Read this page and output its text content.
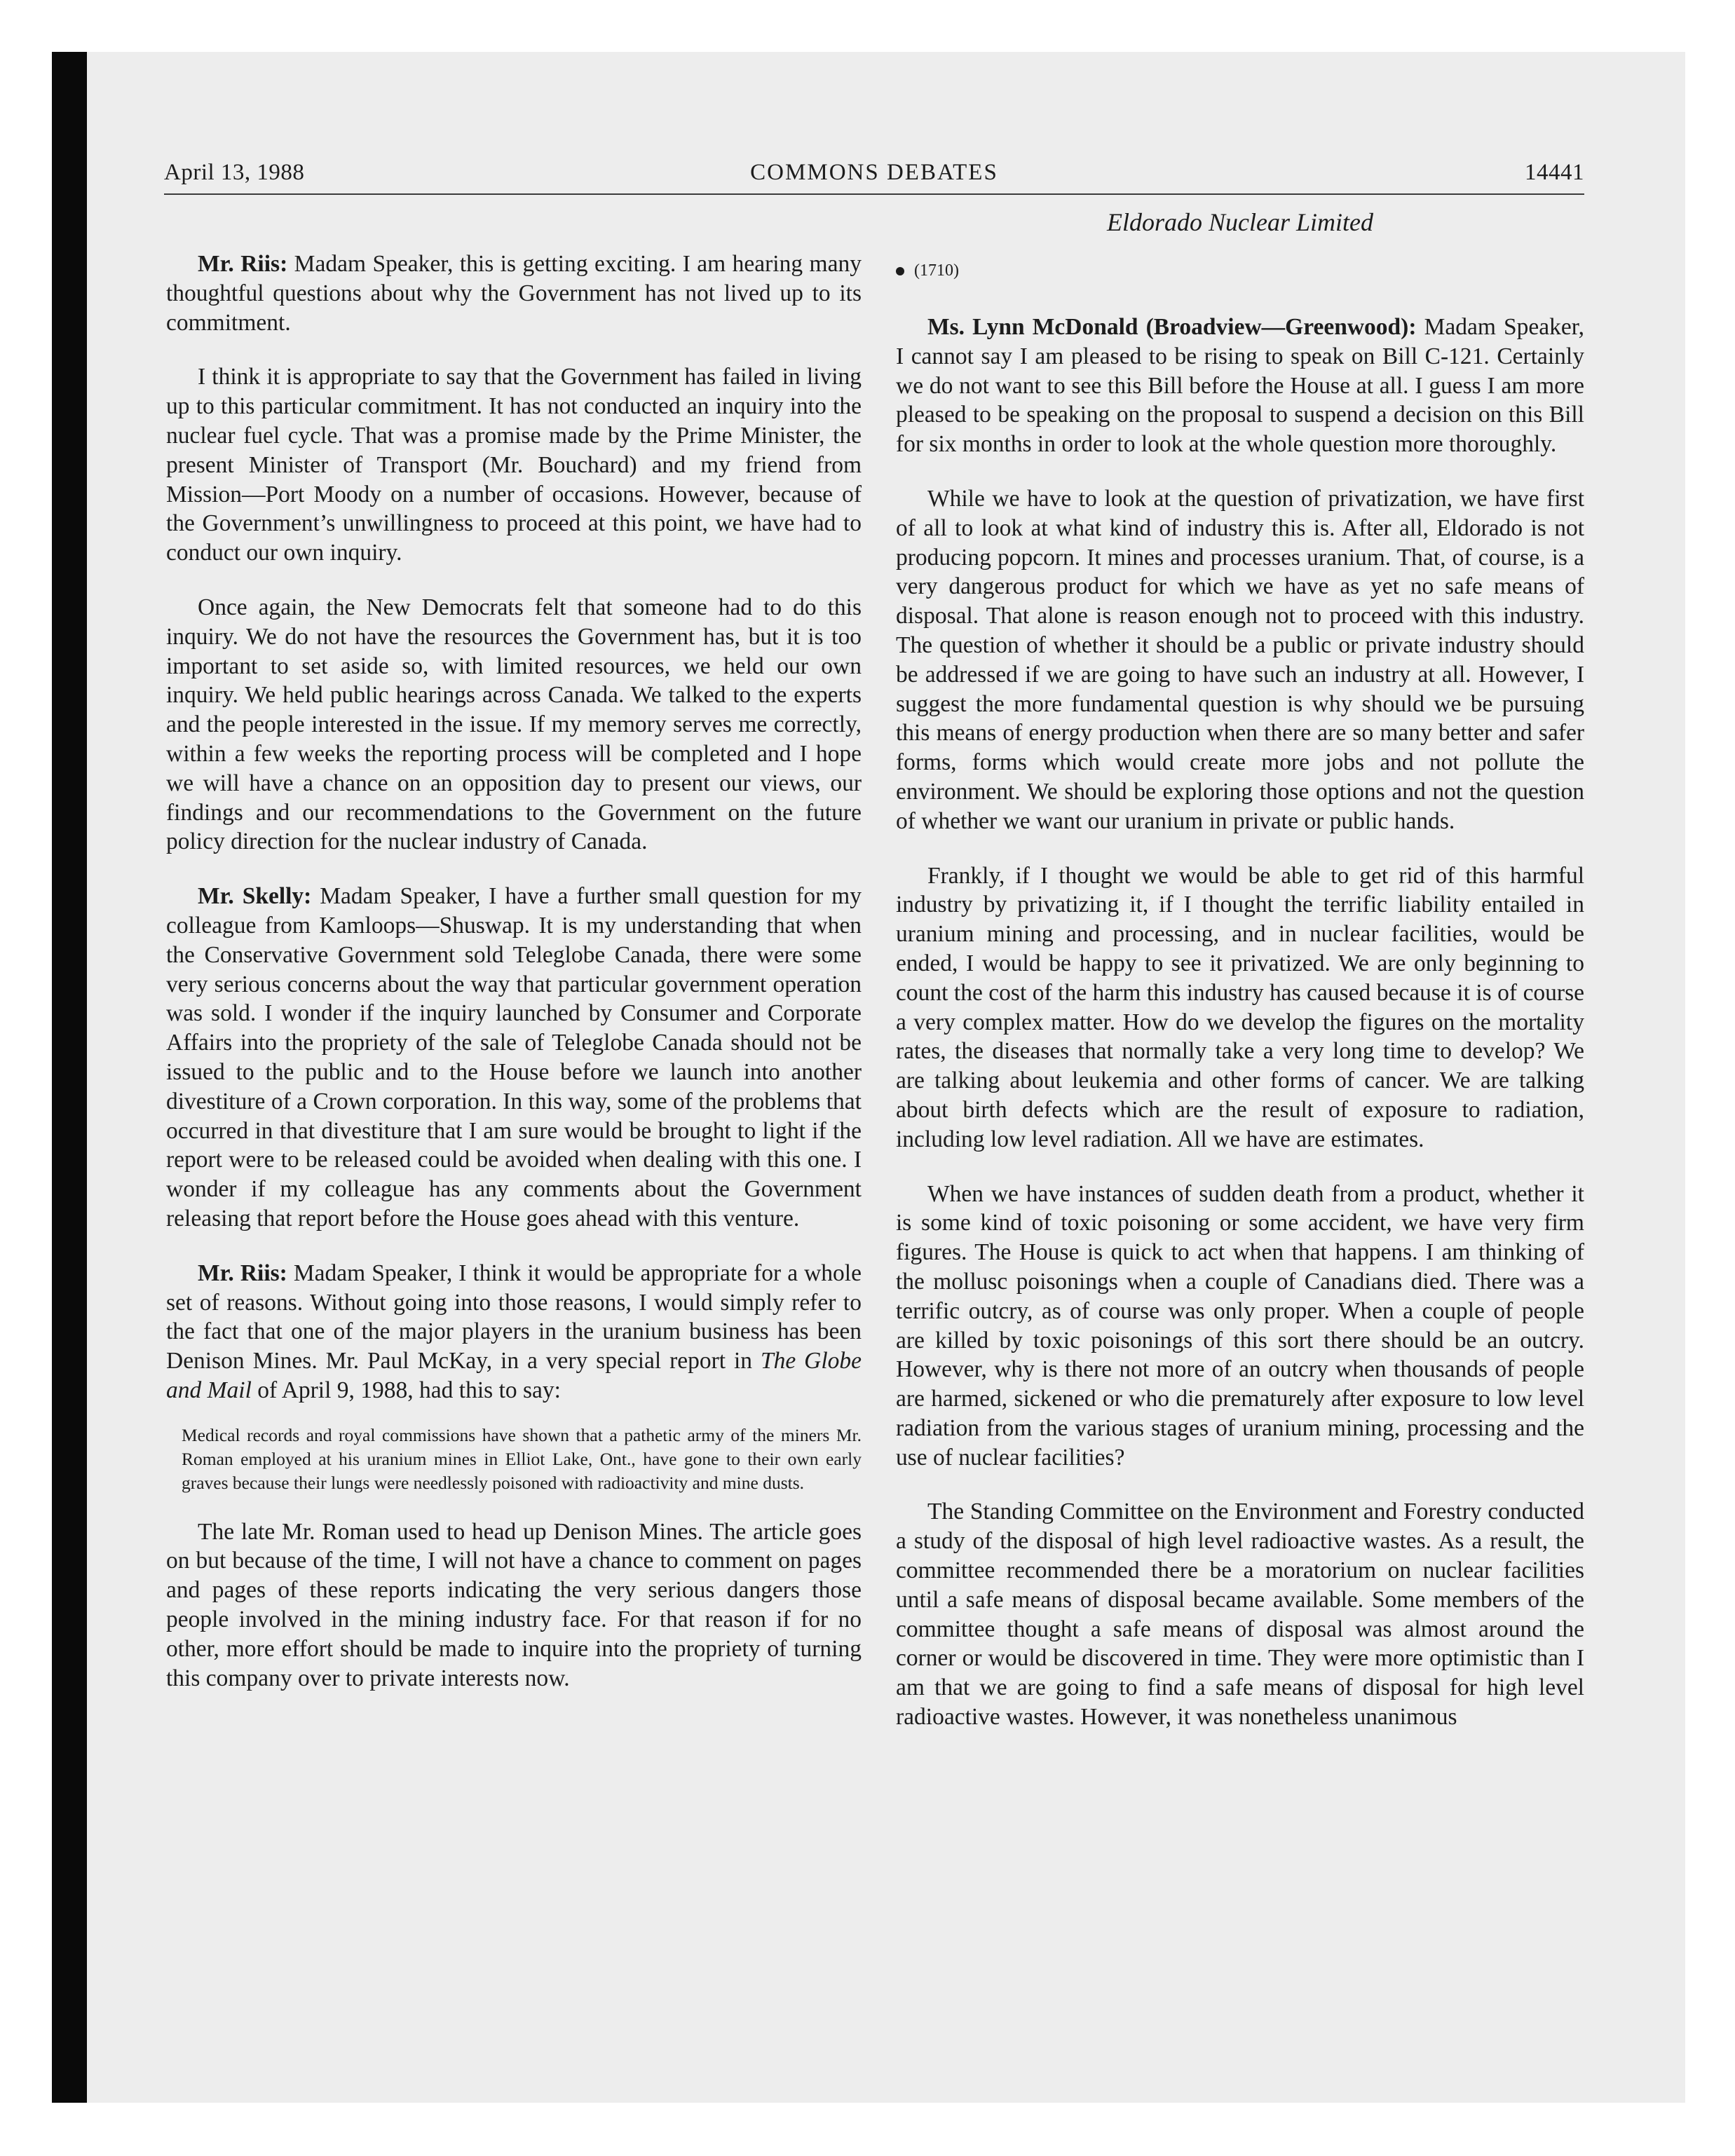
April 13, 1988	COMMONS DEBATES	14441
Eldorado Nuclear Limited

Mr. Riis: Madam Speaker, this is getting exciting. I am hearing many thoughtful questions about why the Government has not lived up to its commitment.

I think it is appropriate to say that the Government has failed in living up to this particular commitment. It has not conducted an inquiry into the nuclear fuel cycle. That was a promise made by the Prime Minister, the present Minister of Transport (Mr. Bouchard) and my friend from Mission—Port Moody on a number of occasions. However, because of the Government’s unwillingness to proceed at this point, we have had to conduct our own inquiry.

Once again, the New Democrats felt that someone had to do this inquiry. We do not have the resources the Government has, but it is too important to set aside so, with limited resources, we held our own inquiry. We held public hearings across Canada. We talked to the experts and the people interested in the issue. If my memory serves me correctly, within a few weeks the reporting process will be completed and I hope we will have a chance on an opposition day to present our views, our findings and our recommendations to the Government on the future policy direction for the nuclear industry of Canada.

Mr. Skelly: Madam Speaker, I have a further small question for my colleague from Kamloops—Shuswap. It is my understanding that when the Conservative Government sold Teleglobe Canada, there were some very serious concerns about the way that particular government operation was sold. I wonder if the inquiry launched by Consumer and Corporate Affairs into the propriety of the sale of Teleglobe Canada should not be issued to the public and to the House before we launch into another divestiture of a Crown corporation. In this way, some of the problems that occurred in that divestiture that I am sure would be brought to light if the report were to be released could be avoided when dealing with this one. I wonder if my colleague has any comments about the Government releasing that report before the House goes ahead with this venture.

Mr. Riis: Madam Speaker, I think it would be appropriate for a whole set of reasons. Without going into those reasons, I would simply refer to the fact that one of the major players in the uranium business has been Denison Mines. Mr. Paul McKay, in a very special report in The Globe and Mail of April 9, 1988, had this to say:

Medical records and royal commissions have shown that a pathetic army of the miners Mr. Roman employed at his uranium mines in Elliot Lake, Ont., have gone to their own early graves because their lungs were needlessly poisoned with radioactivity and mine dusts.

The late Mr. Roman used to head up Denison Mines. The article goes on but because of the time, I will not have a chance to comment on pages and pages of these reports indicating the very serious dangers those people involved in the mining industry face. For that reason if for no other, more effort should be made to inquire into the propriety of turning this company over to private interests now.

(1710)

Ms. Lynn McDonald (Broadview—Greenwood): Madam Speaker, I cannot say I am pleased to be rising to speak on Bill C-121. Certainly we do not want to see this Bill before the House at all. I guess I am more pleased to be speaking on the proposal to suspend a decision on this Bill for six months in order to look at the whole question more thoroughly.

While we have to look at the question of privatization, we have first of all to look at what kind of industry this is. After all, Eldorado is not producing popcorn. It mines and processes uranium. That, of course, is a very dangerous product for which we have as yet no safe means of disposal. That alone is reason enough not to proceed with this industry. The question of whether it should be a public or private industry should be addressed if we are going to have such an industry at all. However, I suggest the more fundamental question is why should we be pursuing this means of energy production when there are so many better and safer forms, forms which would create more jobs and not pollute the environment. We should be exploring those options and not the question of whether we want our uranium in private or public hands.

Frankly, if I thought we would be able to get rid of this harmful industry by privatizing it, if I thought the terrific liability entailed in uranium mining and processing, and in nuclear facilities, would be ended, I would be happy to see it privatized. We are only beginning to count the cost of the harm this industry has caused because it is of course a very complex matter. How do we develop the figures on the mortality rates, the diseases that normally take a very long time to develop? We are talking about leukemia and other forms of cancer. We are talking about birth defects which are the result of exposure to radiation, including low level radiation. All we have are estimates.

When we have instances of sudden death from a product, whether it is some kind of toxic poisoning or some accident, we have very firm figures. The House is quick to act when that happens. I am thinking of the mollusc poisonings when a couple of Canadians died. There was a terrific outcry, as of course was only proper. When a couple of people are killed by toxic poisonings of this sort there should be an outcry. However, why is there not more of an outcry when thousands of people are harmed, sickened or who die prematurely after exposure to low level radiation from the various stages of uranium mining, processing and the use of nuclear facilities?

The Standing Committee on the Environment and Forestry conducted a study of the disposal of high level radioactive wastes. As a result, the committee recommended there be a moratorium on nuclear facilities until a safe means of disposal became available. Some members of the committee thought a safe means of disposal was almost around the corner or would be discovered in time. They were more optimistic than I am that we are going to find a safe means of disposal for high level radioactive wastes. However, it was nonetheless unanimous
